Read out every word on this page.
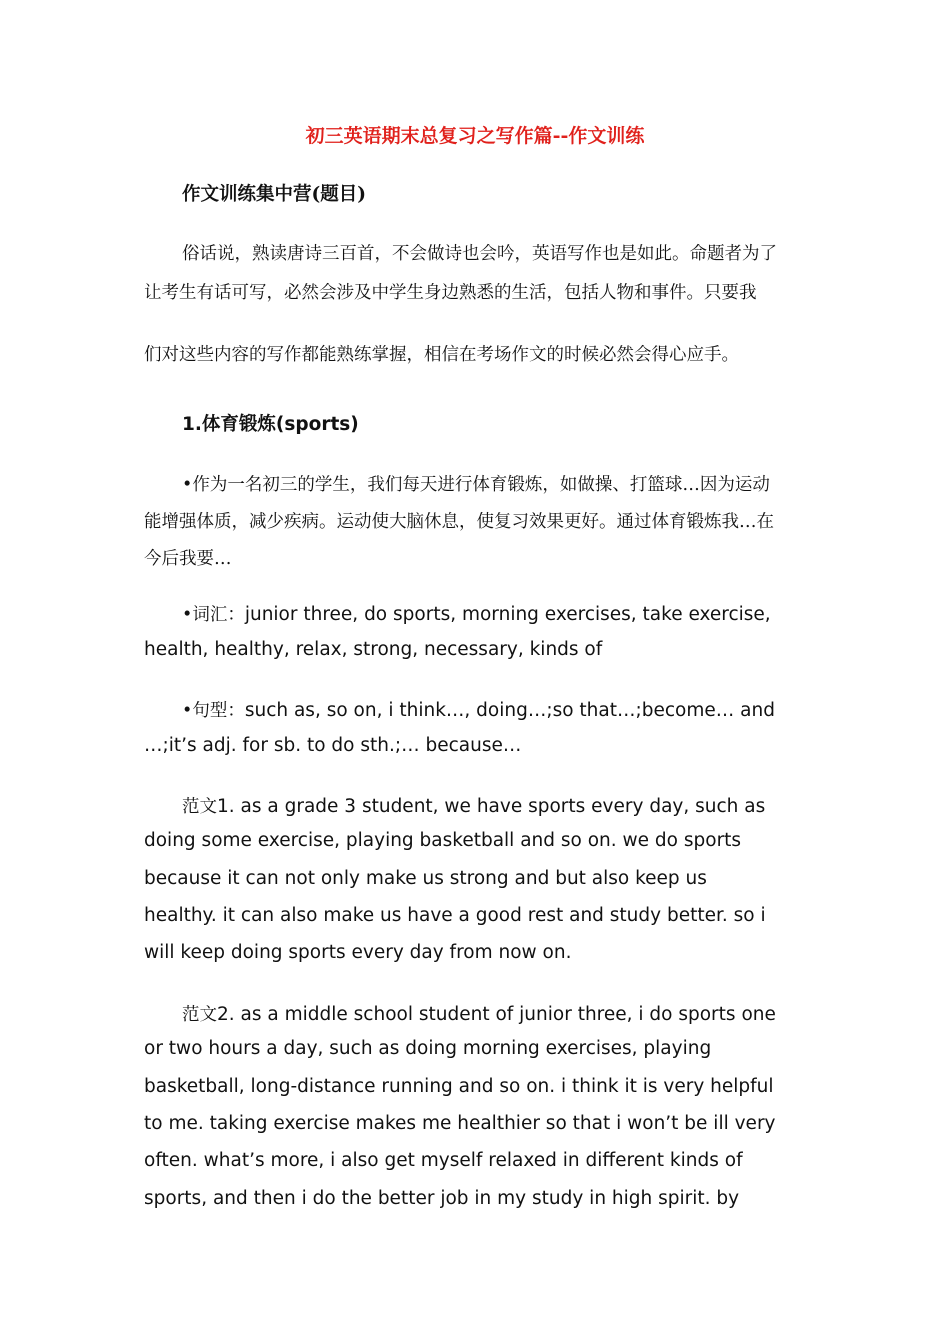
初三英语期末总复习之写作篇--作文训练
作文训练集中营(题目)
俗话说，熟读唐诗三百首，不会做诗也会吟，英语写作也是如此。命题者为了
让考生有话可写，必然会涉及中学生身边熟悉的生活，包括人物和事件。只要我
们对这些内容的写作都能熟练掌握，相信在考场作文的时候必然会得心应手。
1.体育锻炼(sports)
•作为一名初三的学生，我们每天进行体育锻炼，如做操、打篮球…因为运动
能增强体质，减少疾病。运动使大脑休息，使复习效果更好。通过体育锻炼我…在
今后我要…
•词汇：junior three, do sports, morning exercises, take exercise,
health, healthy, relax, strong, necessary, kinds of
•句型：such as, so on, i think…, doing…;so that…;become… and
…;it’s adj. for sb. to do sth.;… because…
范文1. as a grade 3 student, we have sports every day, such as
doing some exercise, playing basketball and so on. we do sports
because it can not only make us strong and but also keep us
healthy. it can also make us have a good rest and study better. so i
will keep doing sports every day from now on.
范文2. as a middle school student of junior three, i do sports one
or two hours a day, such as doing morning exercises, playing
basketball, long-distance running and so on. i think it is very helpful
to me. taking exercise makes me healthier so that i won’t be ill very
often. what’s more, i also get myself relaxed in different kinds of
sports, and then i do the better job in my study in high spirit. by
